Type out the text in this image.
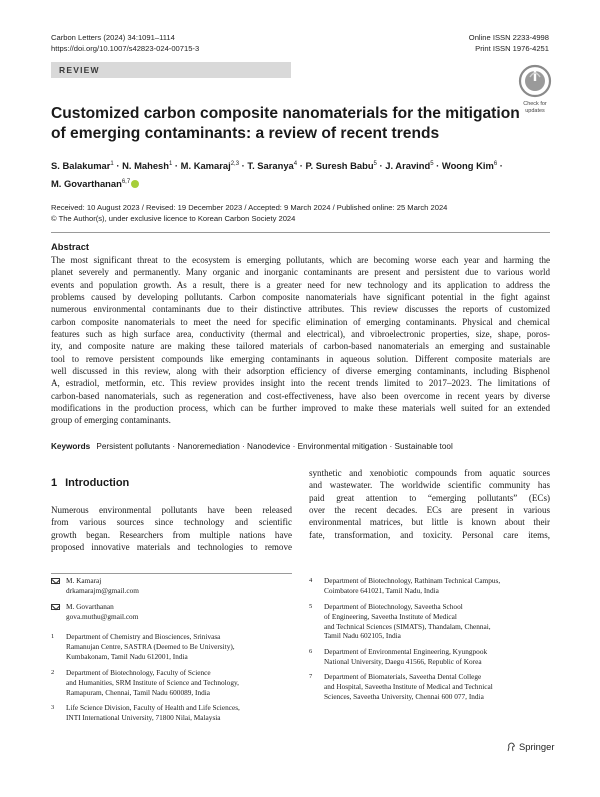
Carbon Letters (2024) 34:1091–1114
https://doi.org/10.1007/s42823-024-00715-3
Online ISSN 2233-4998
Print ISSN 1976-4251
REVIEW
Check for
updates
Customized carbon composite nanomaterials for the mitigation
of emerging contaminants: a review of recent trends
S. Balakumar$^1$ · N. Mahesh$^1$ · M. Kamaraj$^{2,3}$ · T. Saranya$^4$ · P. Suresh Babu$^5$ · J. Aravind$^5$ · Woong Kim$^6$ ·
M. Govarthanan$^{6,7}$
Received: 10 August 2023 / Revised: 19 December 2023 / Accepted: 9 March 2024 / Published online: 25 March 2024
© The Author(s), under exclusive licence to Korean Carbon Society 2024
Abstract
The most significant threat to the ecosystem is emerging pollutants, which are becoming worse each year and harming the
planet severely and permanently. Many organic and inorganic contaminants are present and persistent due to various world
events and population growth. As a result, there is a greater need for new technology and its application to address the
problems caused by developing pollutants. Carbon composite nanomaterials have significant potential in the fight against
numerous environmental contaminants due to their distinctive attributes. This review discusses the reports of customized
carbon composite nanomaterials to meet the need for specific elimination of emerging contaminants. Physical and chemical
features such as high surface area, conductivity (thermal and electrical), and vibroelectronic properties, size, shape, poros-
ity, and composite nature are making these tailored materials of carbon-based nanomaterials an emerging and sustainable
tool to remove persistent compounds like emerging contaminants in aqueous solution. Different composite materials are
well discussed in this review, along with their adsorption efficiency of diverse emerging contaminants, including Bisphenol
A, estradiol, metformin, etc. This review provides insight into the recent trends limited to 2017–2023. The limitations of
carbon-based nanomaterials, such as regeneration and cost-effectiveness, have also been overcome in recent years by diverse
modifications in the production process, which can be further improved to make these materials well suited for an extended
group of emerging contaminants.
Keywords Persistent pollutants · Nanoremediation · Nanodevice · Environmental mitigation · Sustainable tool
1 Introduction
Numerous environmental pollutants have been released
from various sources since technology and scientific
growth began. Researchers from multiple nations have
proposed innovative materials and technologies to remove
synthetic and xenobiotic compounds from aquatic sources
and wastewater. The worldwide scientific community has
paid great attention to “emerging pollutants” (ECs)
over the recent decades. ECs are present in various
environmental matrices, but little is known about their
fate, transformation, and toxicity. Personal care items,
M. Kamaraj
drkamarajm@gmail.com
M. Govarthanan
gova.muthu@gmail.com
1 Department of Chemistry and Biosciences, Srinivasa
Ramanujan Centre, SASTRA (Deemed to Be University),
Kumbakonam, Tamil Nadu 612001, India
2 Department of Biotechnology, Faculty of Science
and Humanities, SRM Institute of Science and Technology,
Ramapuram, Chennai, Tamil Nadu 600089, India
3 Life Science Division, Faculty of Health and Life Sciences,
INTI International University, 71800 Nilai, Malaysia
4 Department of Biotechnology, Rathinam Technical Campus,
Coimbatore 641021, Tamil Nadu, India
5 Department of Biotechnology, Saveetha School
of Engineering, Saveetha Institute of Medical
and Technical Sciences (SIMATS), Thandalam, Chennai,
Tamil Nadu 602105, India
6 Department of Environmental Engineering, Kyungpook
National University, Daegu 41566, Republic of Korea
7 Department of Biomaterials, Saveetha Dental College
and Hospital, Saveetha Institute of Medical and Technical
Sciences, Saveetha University, Chennai 600 077, India
Springer
